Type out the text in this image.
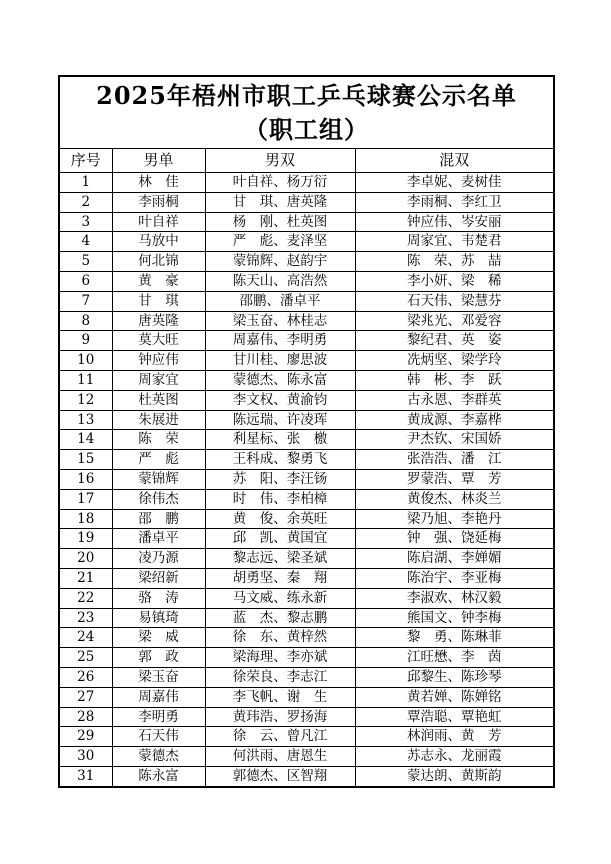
2025年梧州市职工乒乓球赛公示名单
（职工组）			

序号	男单	男双	混双
1	林　佳	叶自祥、杨万衍	李卓妮、麦树佳
2	李雨桐	甘　琪、唐英隆	李雨桐、李红卫
3	叶自祥	杨　刚、杜英图	钟应伟、岑安丽
4	马放中	严　彪、麦泽坚	周家宜、韦楚君
5	何北锦	蒙锦辉、赵韵宇	陈　荣、苏　喆
6	黄　豪	陈天山、高浩然	李小妍、梁　稀
7	甘　琪	邵鹏、潘卓平	石天伟、梁慧芬
8	唐英隆	梁玉奋、林桂志	梁兆光、邓爱容
9	莫大旺	周嘉伟、李明勇	黎纪君、英　姿
10	钟应伟	甘川桂、廖思波	冼炳坚、梁学玲
11	周家宜	蒙德杰、陈永富	韩　彬、李　跃
12	杜英图	李文权、黄渝钧	古永恩、李群英
13	朱展进	陈远瑞、许凌珲	黄成源、李嘉桦
14	陈　荣	利星标、张　檄	尹杰钦、宋国娇
15	严　彪	王科成、黎勇飞	张浩浩、潘　江
16	蒙锦辉	苏　阳、李汪钖	罗蒙浩、覃　芳
17	徐伟杰	时　伟、李柏樟	黄俊杰、林炎兰
18	邵　鹏	黄　俊、余英旺	梁乃旭、李艳丹
19	潘卓平	邱　凯、黄国宜	钟　强、饶延梅
20	凌乃源	黎志远、梁圣斌	陈启湖、李婵媚
21	梁绍新	胡勇坚、秦　翔	陈治宇、李亚梅
22	骆　涛	马文威、练永新	李淑欢、林汉毅
23	易镇琦	蓝　杰、黎志鹏	熊国文、钟李梅
24	梁　威	徐　东、黄梓然	黎　勇、陈琳菲
25	郭　政	梁海理、李亦斌	江旺懋、李　茵
26	梁玉奋	徐荣良、李志江	邱黎生、陈珍琴
27	周嘉伟	李飞帆、谢　生	黄若婵、陈婵铭
28	李明勇	黄玮浩、罗扬海	覃浩聪、覃艳虹
29	石天伟	徐　云、曾凡江	林润雨、黄　芳
30	蒙德杰	何洪雨、唐恩生	苏志永、龙丽霞
31	陈永富	郭德杰、区智翔	蒙达朗、黄斯韵
